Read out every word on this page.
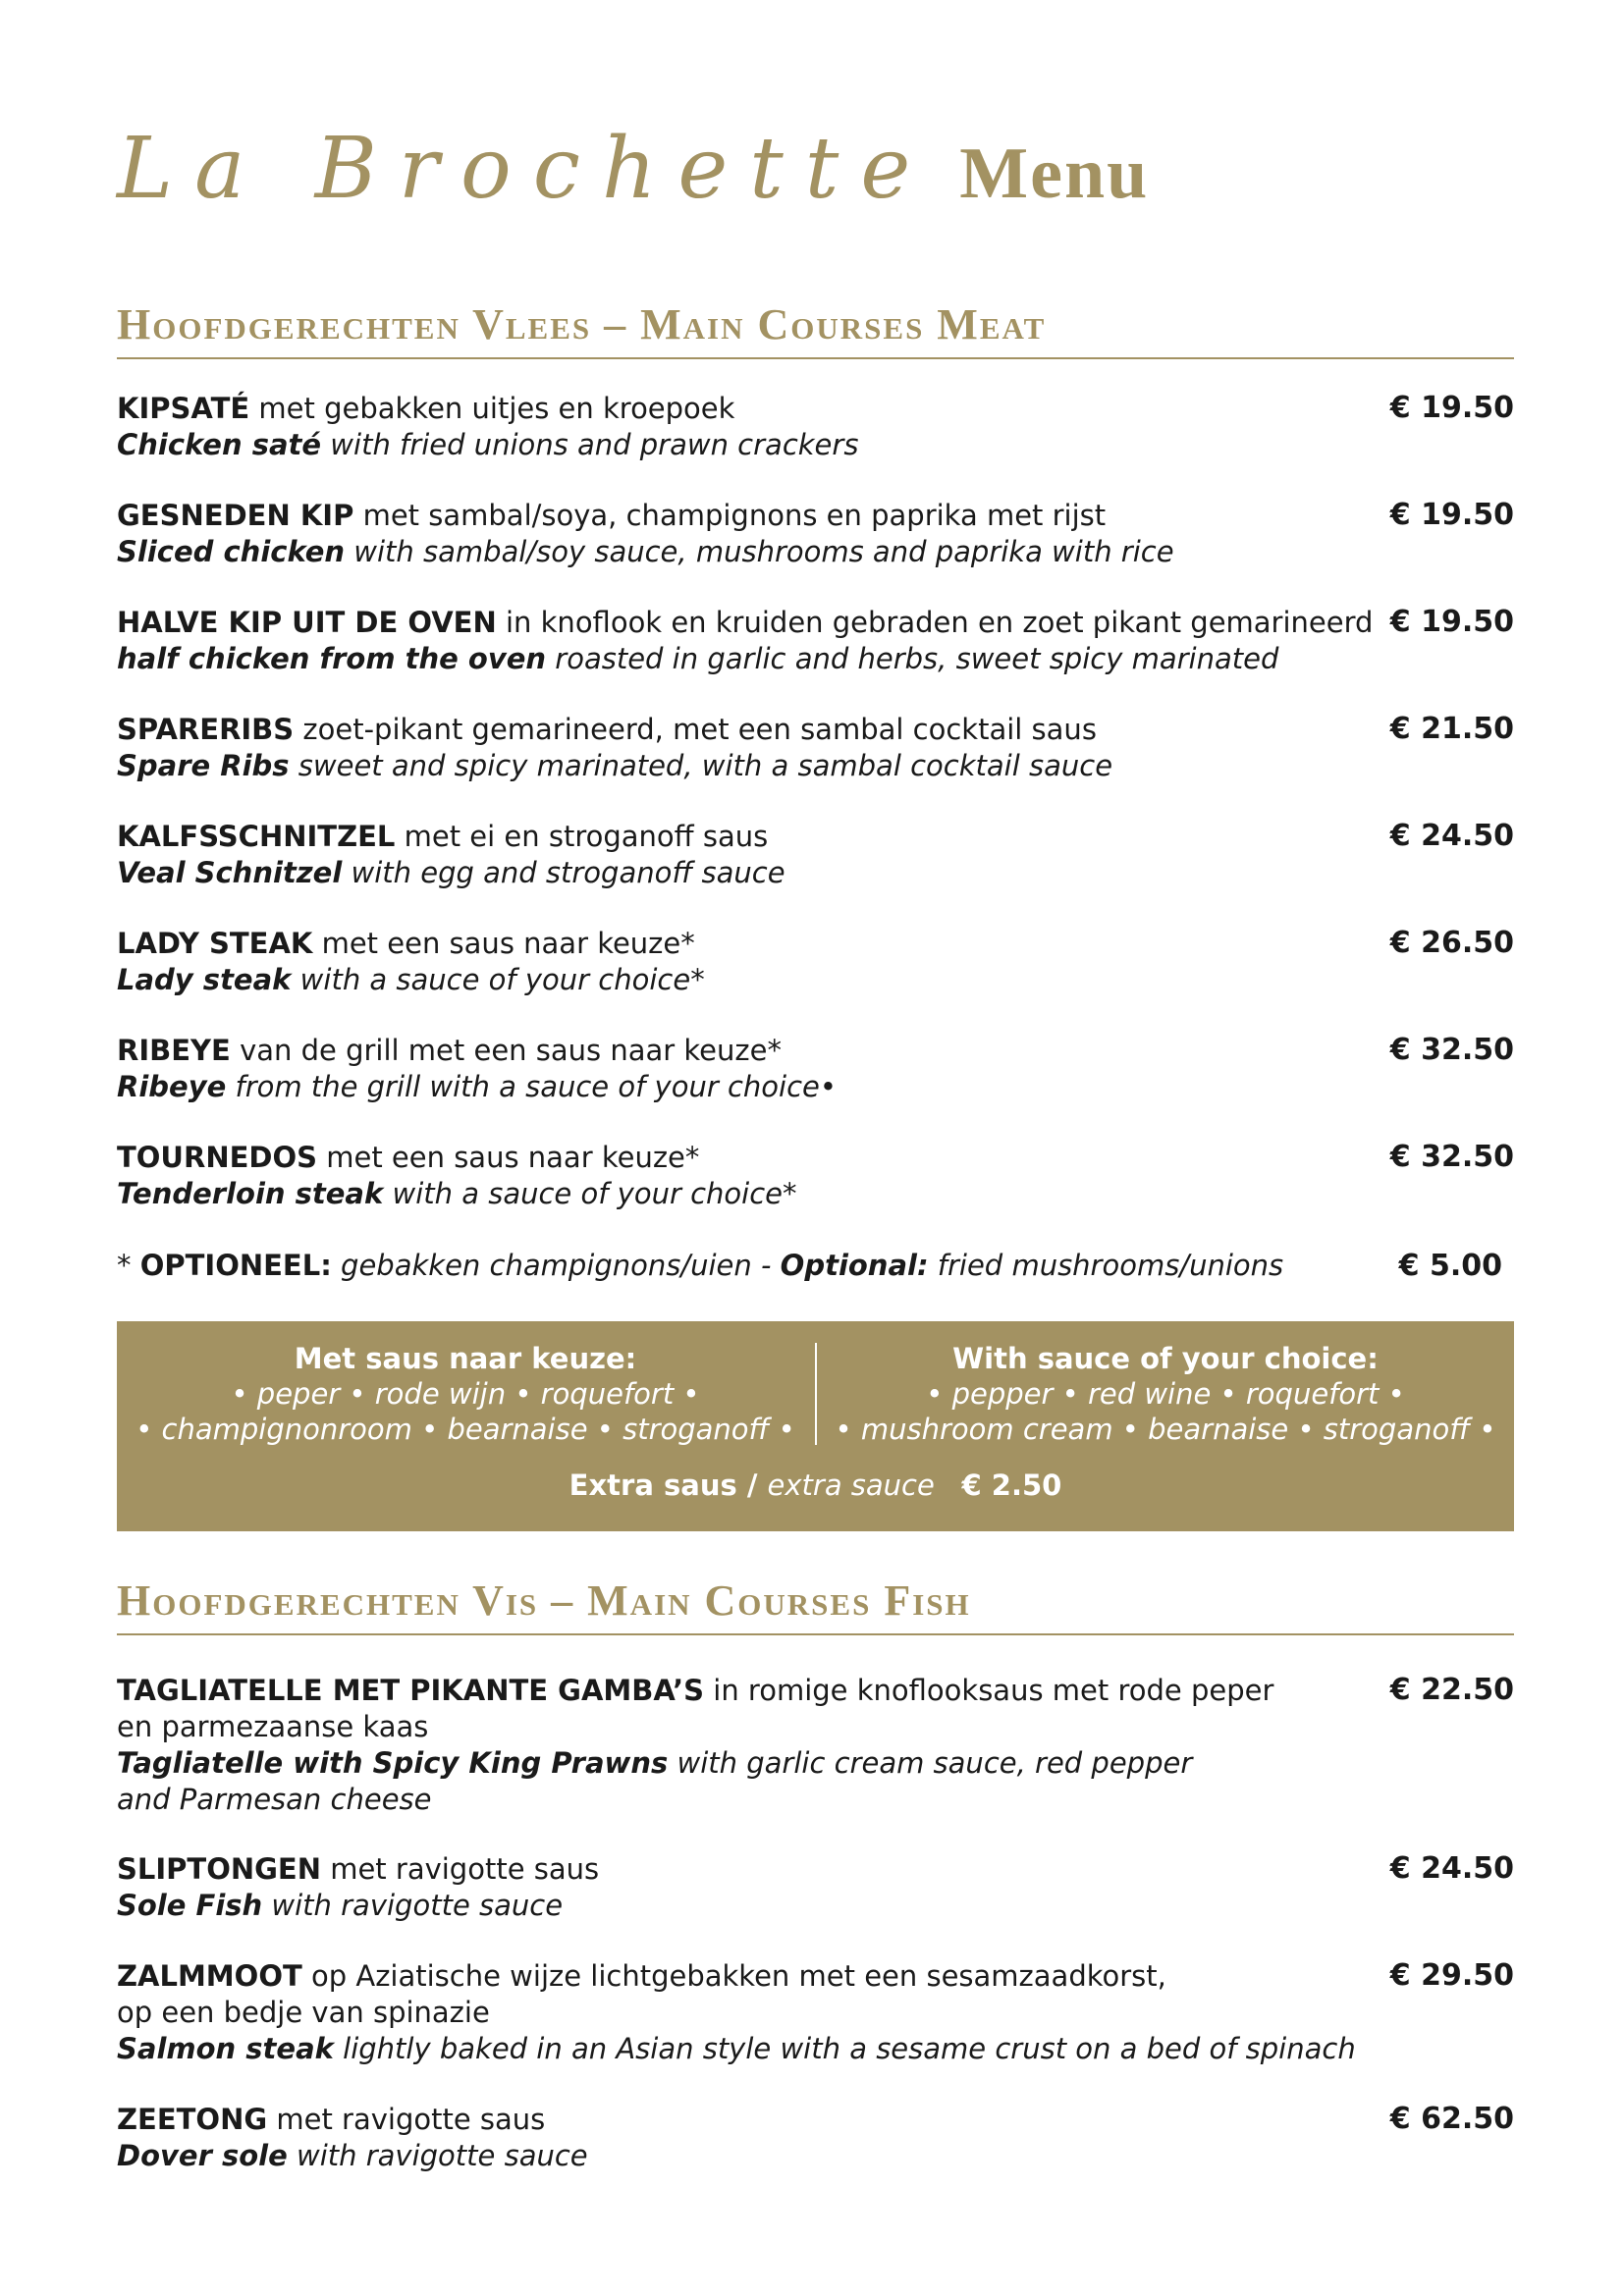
La Brochette Menu
Hoofdgerechten Vlees – Main Courses Meat
KIPSATÉ met gebakken uitjes en kroepoek
Chicken saté with fried unions and prawn crackers
€ 19.50
GESNEDEN KIP met sambal/soya, champignons en paprika met rijst
Sliced chicken with sambal/soy sauce, mushrooms and paprika with rice
€ 19.50
HALVE KIP UIT DE OVEN in knoflook en kruiden gebraden en zoet pikant gemarineerd
half chicken from the oven roasted in garlic and herbs, sweet spicy marinated
€ 19.50
SPARERIBS zoet-pikant gemarineerd, met een sambal cocktail saus
Spare Ribs sweet and spicy marinated, with a sambal cocktail sauce
€ 21.50
KALFSSCHNITZEL met ei en stroganoff saus
Veal Schnitzel with egg and stroganoff sauce
€ 24.50
LADY STEAK met een saus naar keuze*
Lady steak with a sauce of your choice*
€ 26.50
RIBEYE van de grill met een saus naar keuze*
Ribeye from the grill with a sauce of your choice•
€ 32.50
TOURNEDOS met een saus naar keuze*
Tenderloin steak with a sauce of your choice*
€ 32.50
* OPTIONEEL: gebakken champignons/uien - Optional: fried mushrooms/unions	€ 5.00
Met saus naar keuze:
• peper • rode wijn • roquefort •
• champignonroom • bearnaise • stroganoff •
With sauce of your choice:
• pepper • red wine • roquefort •
• mushroom cream • bearnaise • stroganoff •
Extra saus / extra sauce € 2.50
Hoofdgerechten Vis – Main Courses Fish
TAGLIATELLE MET PIKANTE GAMBA’S in romige knoflooksaus met rode peper
en parmezaanse kaas
Tagliatelle with Spicy King Prawns with garlic cream sauce, red pepper
and Parmesan cheese
€ 22.50
SLIPTONGEN met ravigotte saus
Sole Fish with ravigotte sauce
€ 24.50
ZALMMOOT op Aziatische wijze lichtgebakken met een sesamzaadkorst,
op een bedje van spinazie
Salmon steak lightly baked in an Asian style with a sesame crust on a bed of spinach
€ 29.50
ZEETONG met ravigotte saus
Dover sole with ravigotte sauce
€ 62.50
